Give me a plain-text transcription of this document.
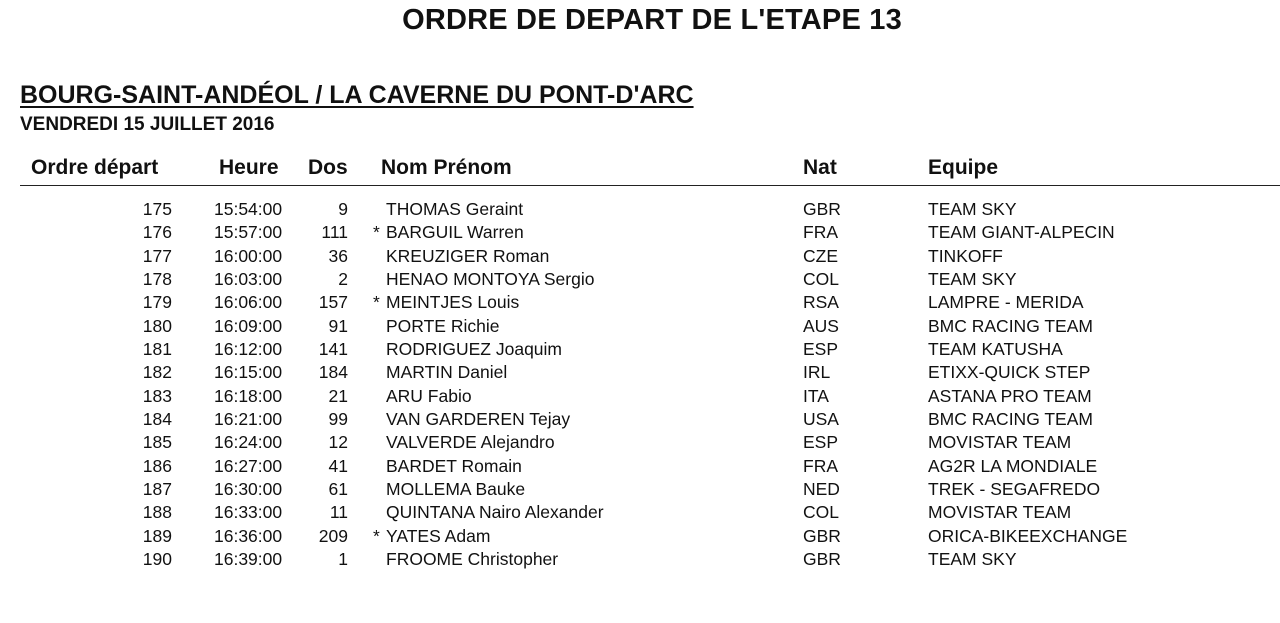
ORDRE DE DEPART DE L'ETAPE 13
BOURG-SAINT-ANDÉOL / LA CAVERNE DU PONT-D'ARC
VENDREDI 15 JUILLET 2016
Ordre départ	Heure Dos Nom Prénom	Nat	Equipe
175 15:54:00	9 THOMAS Geraint	GBR	TEAM SKY
176 15:57:00 111 * BARGUIL Warren	FRA	TEAM GIANT-ALPECIN
177 16:00:00	36 KREUZIGER Roman	CZE	TINKOFF
178 16:03:00	2 HENAO MONTOYA Sergio	COL	TEAM SKY
179 16:06:00 157 * MEINTJES Louis	RSA	LAMPRE - MERIDA
180 16:09:00	91 PORTE Richie	AUS	BMC RACING TEAM
181 16:12:00 141 RODRIGUEZ Joaquim	ESP	TEAM KATUSHA
182 16:15:00 184 MARTIN Daniel	IRL	ETIXX-QUICK STEP
183 16:18:00	21 ARU Fabio	ITA	ASTANA PRO TEAM
184 16:21:00	99 VAN GARDEREN Tejay	USA	BMC RACING TEAM
185 16:24:00	12 VALVERDE Alejandro	ESP	MOVISTAR TEAM
186 16:27:00	41 BARDET Romain	FRA	AG2R LA MONDIALE
187 16:30:00	61 MOLLEMA Bauke	NED	TREK - SEGAFREDO
188 16:33:00	11 QUINTANA Nairo Alexander	COL	MOVISTAR TEAM
189 16:36:00 209 * YATES Adam	GBR	ORICA-BIKEEXCHANGE
190 16:39:00	1 FROOME Christopher	GBR	TEAM SKY
